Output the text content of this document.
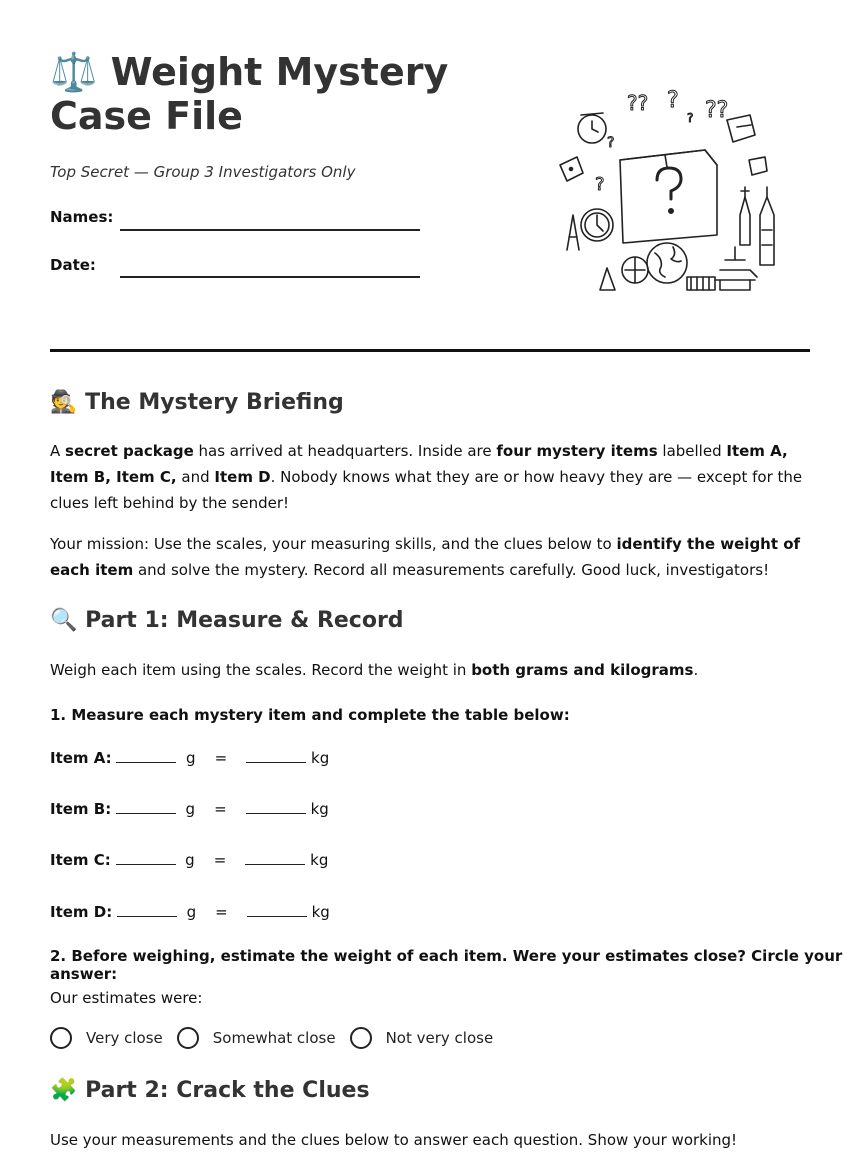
⚖️ Weight Mystery Case File
Top Secret — Group 3 Investigators Only
Names:
Date:
?? ?
? ??
?
?
🕵️ The Mystery Briefing

A secret package has arrived at headquarters. Inside are four mystery items labelled Item A, Item B, Item C, and Item D. Nobody knows what they are or how heavy they are — except for the clues left behind by the sender!

Your mission: Use the scales, your measuring skills, and the clues below to identify the weight of each item and solve the mystery. Record all measurements carefully. Good luck, investigators!

🔍 Part 1: Measure & Record

Weigh each item using the scales. Record the weight in both grams and kilograms.

1. Measure each mystery item and complete the table below:
Item A:	g =	kg
Item B:	g =	kg
Item C:	g =	kg
Item D:	g =	kg
2. Before weighing, estimate the weight of each item. Were your estimates close? Circle your answer:
Our estimates were:
Very close	Somewhat close	Not very close
🧩 Part 2: Crack the Clues
Use your measurements and the clues below to answer each question. Show your working!
